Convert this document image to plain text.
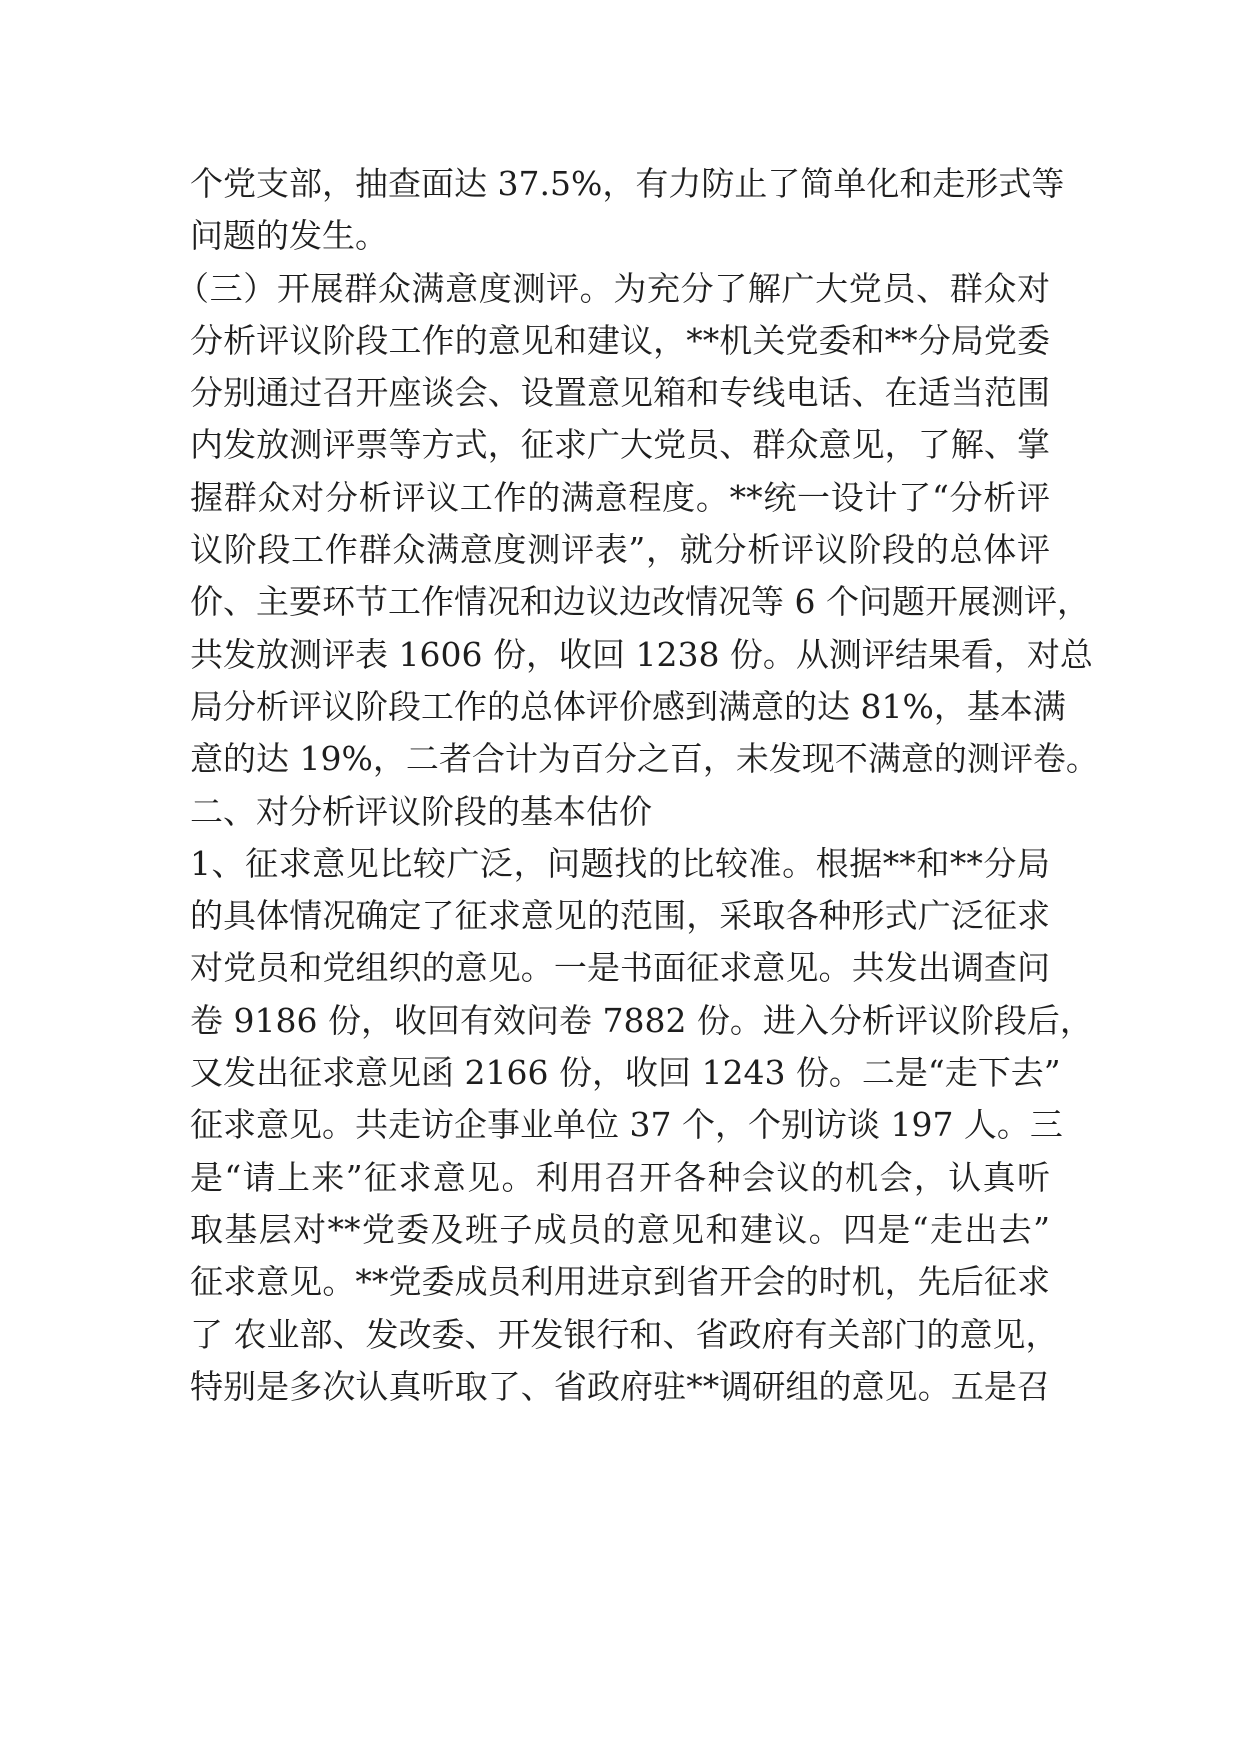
个党支部，抽查面达 37.5%，有力防止了简单化和走形式等
问题的发生。
（三）开展群众满意度测评。为充分了解广大党员、群众对
分析评议阶段工作的意见和建议，**机关党委和**分局党委
分别通过召开座谈会、设置意见箱和专线电话、在适当范围
内发放测评票等方式，征求广大党员、群众意见，了解、掌
握群众对分析评议工作的满意程度。**统一设计了“分析评
议阶段工作群众满意度测评表”，就分析评议阶段的总体评
价、主要环节工作情况和边议边改情况等 6 个问题开展测评，
共发放测评表 1606 份，收回 1238 份。从测评结果看，对总
局分析评议阶段工作的总体评价感到满意的达 81%，基本满
意的达 19%，二者合计为百分之百，未发现不满意的测评卷。
二、对分析评议阶段的基本估价
1、征求意见比较广泛，问题找的比较准。根据**和**分局
的具体情况确定了征求意见的范围，采取各种形式广泛征求
对党员和党组织的意见。一是书面征求意见。共发出调查问
卷 9186 份，收回有效问卷 7882 份。进入分析评议阶段后，
又发出征求意见函 2166 份，收回 1243 份。二是“走下去”
征求意见。共走访企事业单位 37 个，个别访谈 197 人。三
是“请上来”征求意见。利用召开各种会议的机会，认真听
取基层对**党委及班子成员的意见和建议。四是“走出去”
征求意见。**党委成员利用进京到省开会的时机，先后征求
了 农业部、发改委、开发银行和、省政府有关部门的意见，
特别是多次认真听取了、省政府驻**调研组的意见。五是召
